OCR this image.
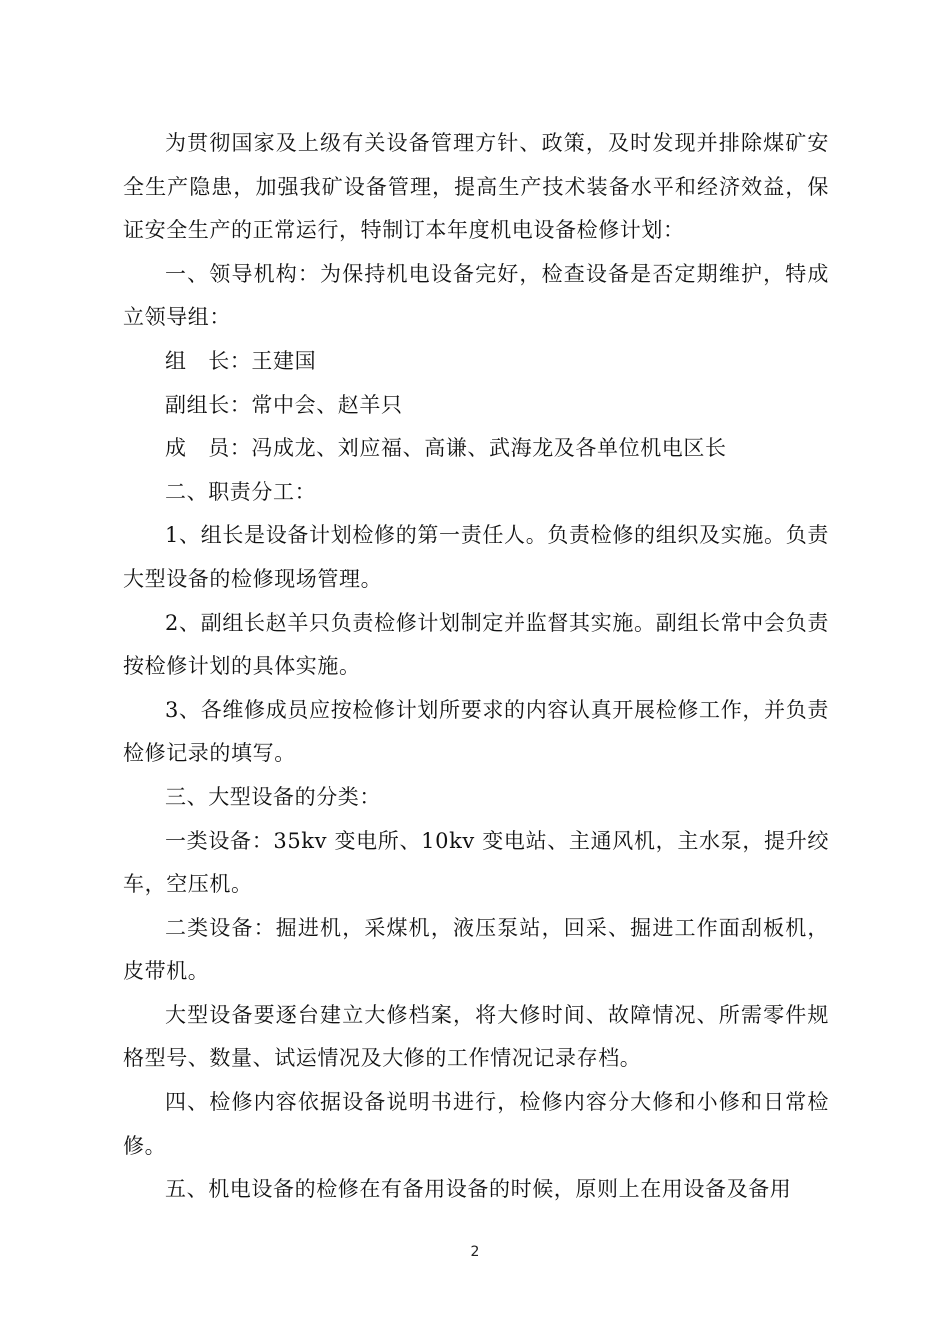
为贯彻国家及上级有关设备管理方针、政策，及时发现并排除煤矿安全生产隐患，加强我矿设备管理，提高生产技术装备水平和经济效益，保证安全生产的正常运行，特制订本年度机电设备检修计划：

一、领导机构：为保持机电设备完好，检查设备是否定期维护，特成立领导组：

组　长：王建国

副组长：常中会、赵羊只

成　员：冯成龙、刘应福、高谦、武海龙及各单位机电区长

二、职责分工：

1、组长是设备计划检修的第一责任人。负责检修的组织及实施。负责大型设备的检修现场管理。

2、副组长赵羊只负责检修计划制定并监督其实施。副组长常中会负责按检修计划的具体实施。

3、各维修成员应按检修计划所要求的内容认真开展检修工作，并负责检修记录的填写。

三、大型设备的分类：

一类设备：35kv 变电所、10kv 变电站、主通风机，主水泵，提升绞车，空压机。

二类设备：掘进机，采煤机，液压泵站，回采、掘进工作面刮板机，皮带机。

大型设备要逐台建立大修档案，将大修时间、故障情况、所需零件规格型号、数量、试运情况及大修的工作情况记录存档。

四、检修内容依据设备说明书进行，检修内容分大修和小修和日常检修。

五、机电设备的检修在有备用设备的时候，原则上在用设备及备用

2
